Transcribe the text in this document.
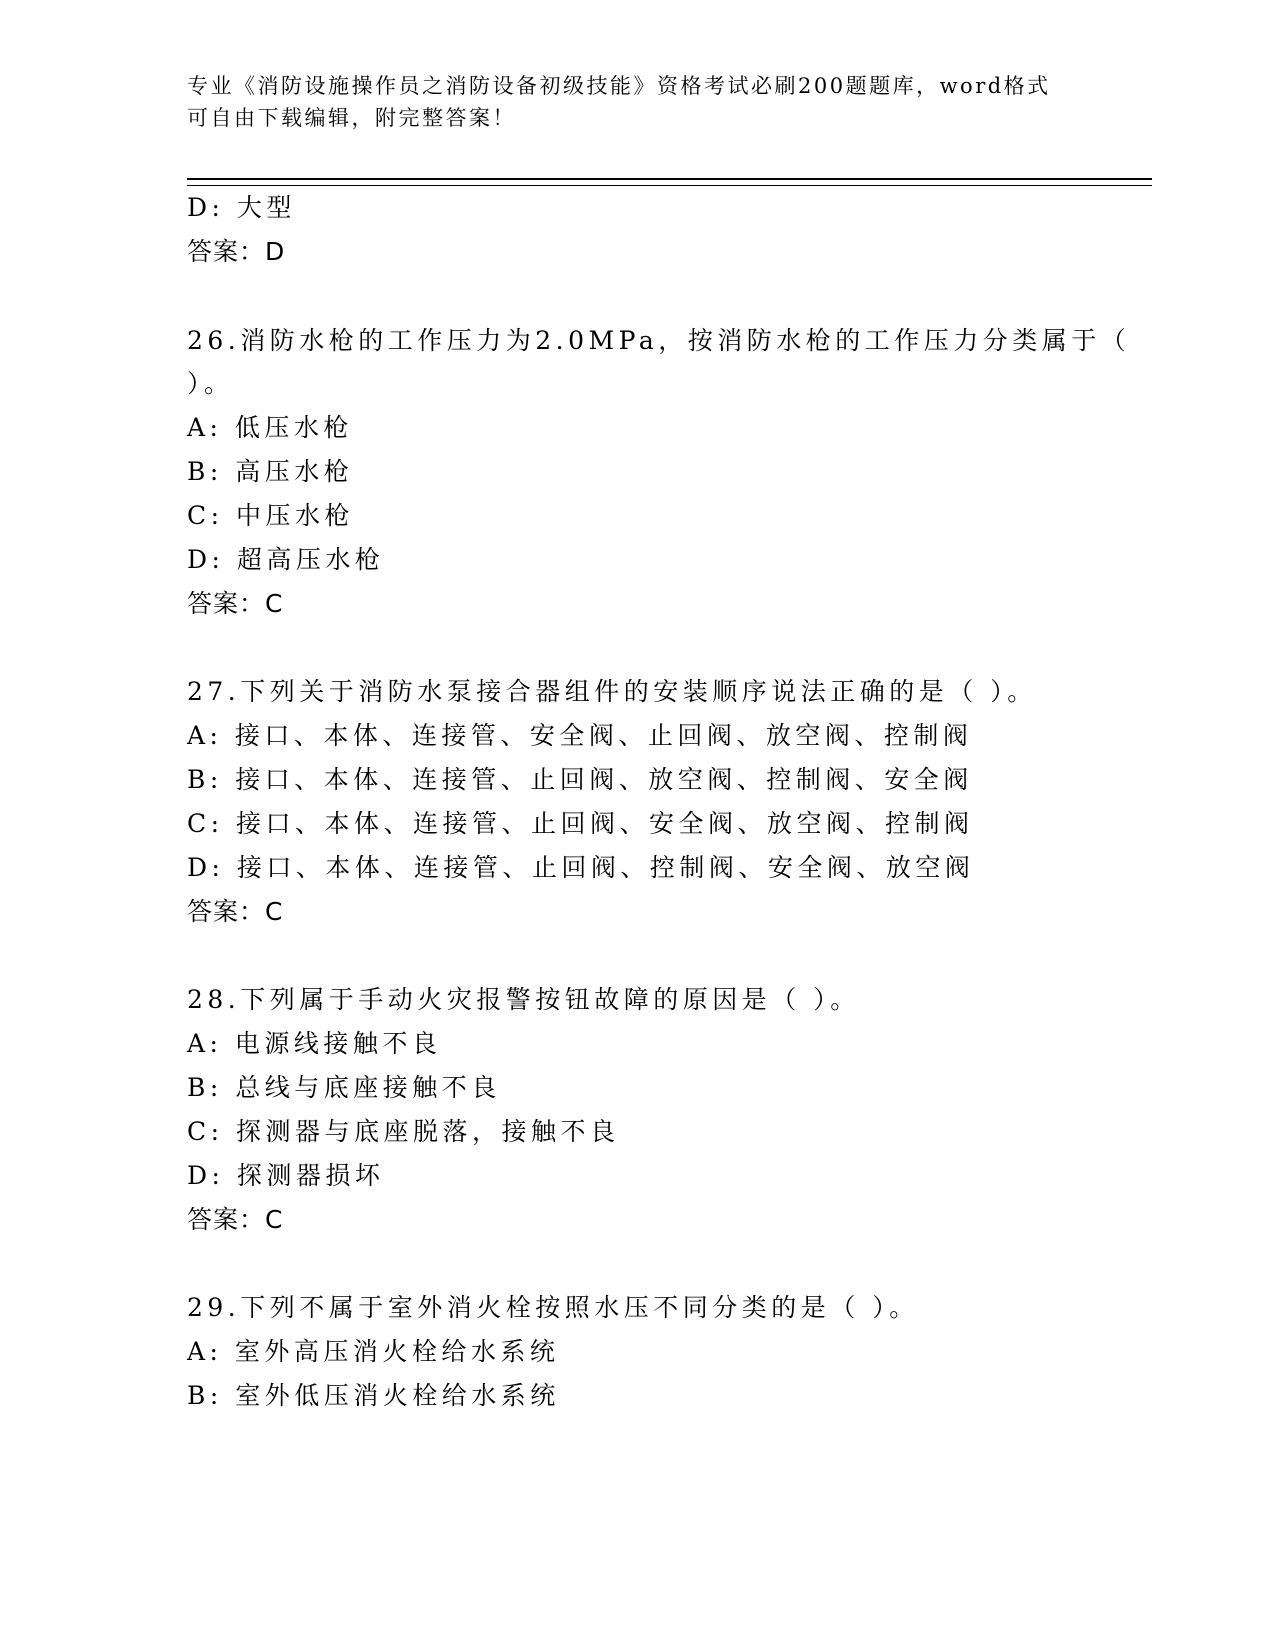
专业《消防设施操作员之消防设备初级技能》资格考试必刷200题题库，word格式可自由下载编辑，附完整答案！

D: 大型

答案：D

26.消防水枪的工作压力为2.0MPa，按消防水枪的工作压力分类属于（

）。

A: 低压水枪

B: 高压水枪

C: 中压水枪

D: 超高压水枪

答案：C

27.下列关于消防水泵接合器组件的安装顺序说法正确的是（ ）。

A: 接口、本体、连接管、安全阀、止回阀、放空阀、控制阀

B: 接口、本体、连接管、止回阀、放空阀、控制阀、安全阀

C: 接口、本体、连接管、止回阀、安全阀、放空阀、控制阀

D: 接口、本体、连接管、止回阀、控制阀、安全阀、放空阀

答案：C

28.下列属于手动火灾报警按钮故障的原因是（ ）。

A: 电源线接触不良

B: 总线与底座接触不良

C: 探测器与底座脱落，接触不良

D: 探测器损坏

答案：C

29.下列不属于室外消火栓按照水压不同分类的是（ ）。

A: 室外高压消火栓给水系统

B: 室外低压消火栓给水系统
